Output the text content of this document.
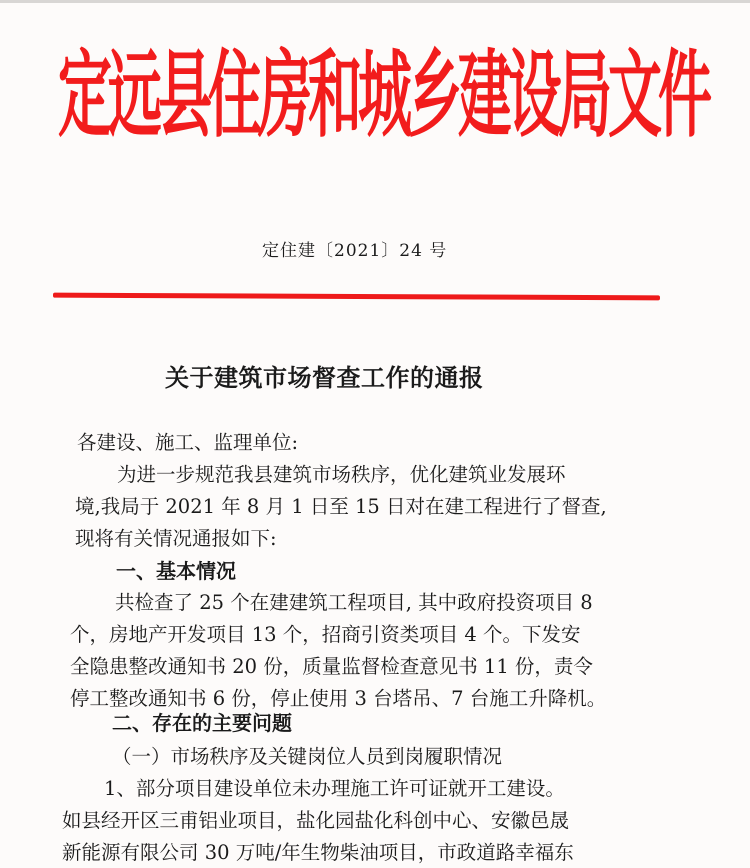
定远县住房和城乡建设局文件
定住建〔2021〕24 号
关于建筑市场督查工作的通报
各建设、施工、监理单位:
为进一步规范我县建筑市场秩序，优化建筑业发展环
境,我局于 2021 年 8 月 1 日至 15 日对在建工程进行了督查,
现将有关情况通报如下:
一、基本情况
共检查了 25 个在建建筑工程项目, 其中政府投资项目 8
个，房地产开发项目 13 个，招商引资类项目 4 个。下发安
全隐患整改通知书 20 份，质量监督检查意见书 11 份，责令
停工整改通知书 6 份，停止使用 3 台塔吊、7 台施工升降机。
二、存在的主要问题
（一）市场秩序及关键岗位人员到岗履职情况
1、部分项目建设单位未办理施工许可证就开工建设。
如县经开区三甫铝业项目，盐化园盐化科创中心、安徽邑晟
新能源有限公司 30 万吨/年生物柴油项目，市政道路幸福东
